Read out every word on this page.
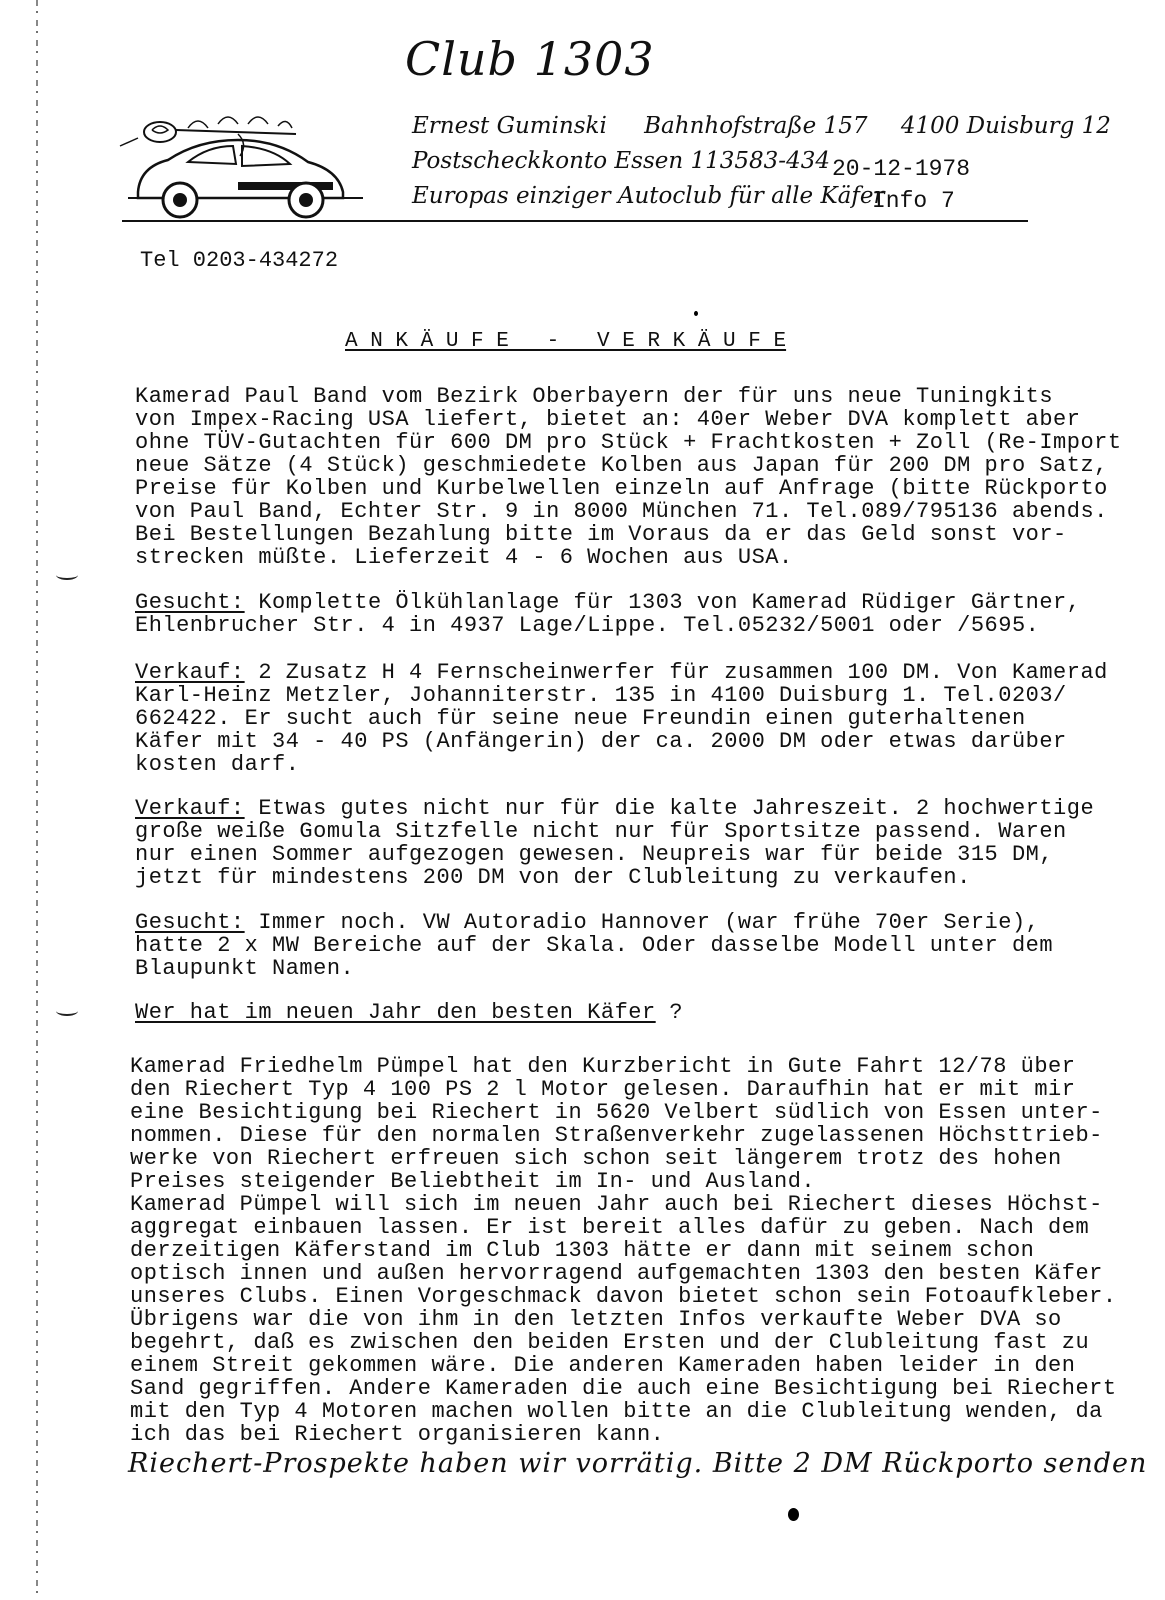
Club 1303
Ernest Guminski Bahnhofstraße 157 4100 Duisburg 12
Postscheckkonto Essen 113583-434 20-12-1978
Europas einziger Autoclub für alle Käfer
Info 7
Tel 0203-434272
A N K Ä U F E   -   V E R K Ä U F E
Kamerad Paul Band vom Bezirk Oberbayern der für uns neue Tuningkits
von Impex-Racing USA liefert, bietet an: 40er Weber DVA komplett aber
ohne TÜV-Gutachten für 600 DM pro Stück + Frachtkosten + Zoll (Re-Import
neue Sätze (4 Stück) geschmiedete Kolben aus Japan für 200 DM pro Satz,
Preise für Kolben und Kurbelwellen einzeln auf Anfrage (bitte Rückporto
von Paul Band, Echter Str. 9 in 8000 München 71. Tel.089/795136 abends.
Bei Bestellungen Bezahlung bitte im Voraus da er das Geld sonst vor-
strecken müßte. Lieferzeit 4 - 6 Wochen aus USA.
Gesucht: Komplette Ölkühlanlage für 1303 von Kamerad Rüdiger Gärtner,
Ehlenbrucher Str. 4 in 4937 Lage/Lippe. Tel.05232/5001 oder /5695.
Verkauf: 2 Zusatz H 4 Fernscheinwerfer für zusammen 100 DM. Von Kamerad
Karl-Heinz Metzler, Johanniterstr. 135 in 4100 Duisburg 1. Tel.0203/
662422. Er sucht auch für seine neue Freundin einen guterhaltenen
Käfer mit 34 - 40 PS (Anfängerin) der ca. 2000 DM oder etwas darüber
kosten darf.
Verkauf: Etwas gutes nicht nur für die kalte Jahreszeit. 2 hochwertige
große weiße Gomula Sitzfelle nicht nur für Sportsitze passend. Waren
nur einen Sommer aufgezogen gewesen. Neupreis war für beide 315 DM,
jetzt für mindestens 200 DM von der Clubleitung zu verkaufen.
Gesucht: Immer noch. VW Autoradio Hannover (war frühe 70er Serie),
hatte 2 x MW Bereiche auf der Skala. Oder dasselbe Modell unter dem
Blaupunkt Namen.
Wer hat im neuen Jahr den besten Käfer ?
Kamerad Friedhelm Pümpel hat den Kurzbericht in Gute Fahrt 12/78 über
den Riechert Typ 4 100 PS 2 l Motor gelesen. Daraufhin hat er mit mir
eine Besichtigung bei Riechert in 5620 Velbert südlich von Essen unter-
nommen. Diese für den normalen Straßenverkehr zugelassenen Höchsttrieb-
werke von Riechert erfreuen sich schon seit längerem trotz des hohen
Preises steigender Beliebtheit im In- und Ausland.
Kamerad Pümpel will sich im neuen Jahr auch bei Riechert dieses Höchst-
aggregat einbauen lassen. Er ist bereit alles dafür zu geben. Nach dem
derzeitigen Käferstand im Club 1303 hätte er dann mit seinem schon
optisch innen und außen hervorragend aufgemachten 1303 den besten Käfer
unseres Clubs. Einen Vorgeschmack davon bietet schon sein Fotoaufkleber.
Übrigens war die von ihm in den letzten Infos verkaufte Weber DVA so
begehrt, daß es zwischen den beiden Ersten und der Clubleitung fast zu
einem Streit gekommen wäre. Die anderen Kameraden haben leider in den
Sand gegriffen. Andere Kameraden die auch eine Besichtigung bei Riechert
mit den Typ 4 Motoren machen wollen bitte an die Clubleitung wenden, da
ich das bei Riechert organisieren kann.
Riechert-Prospekte haben wir vorrätig. Bitte 2 DM Rückporto senden
